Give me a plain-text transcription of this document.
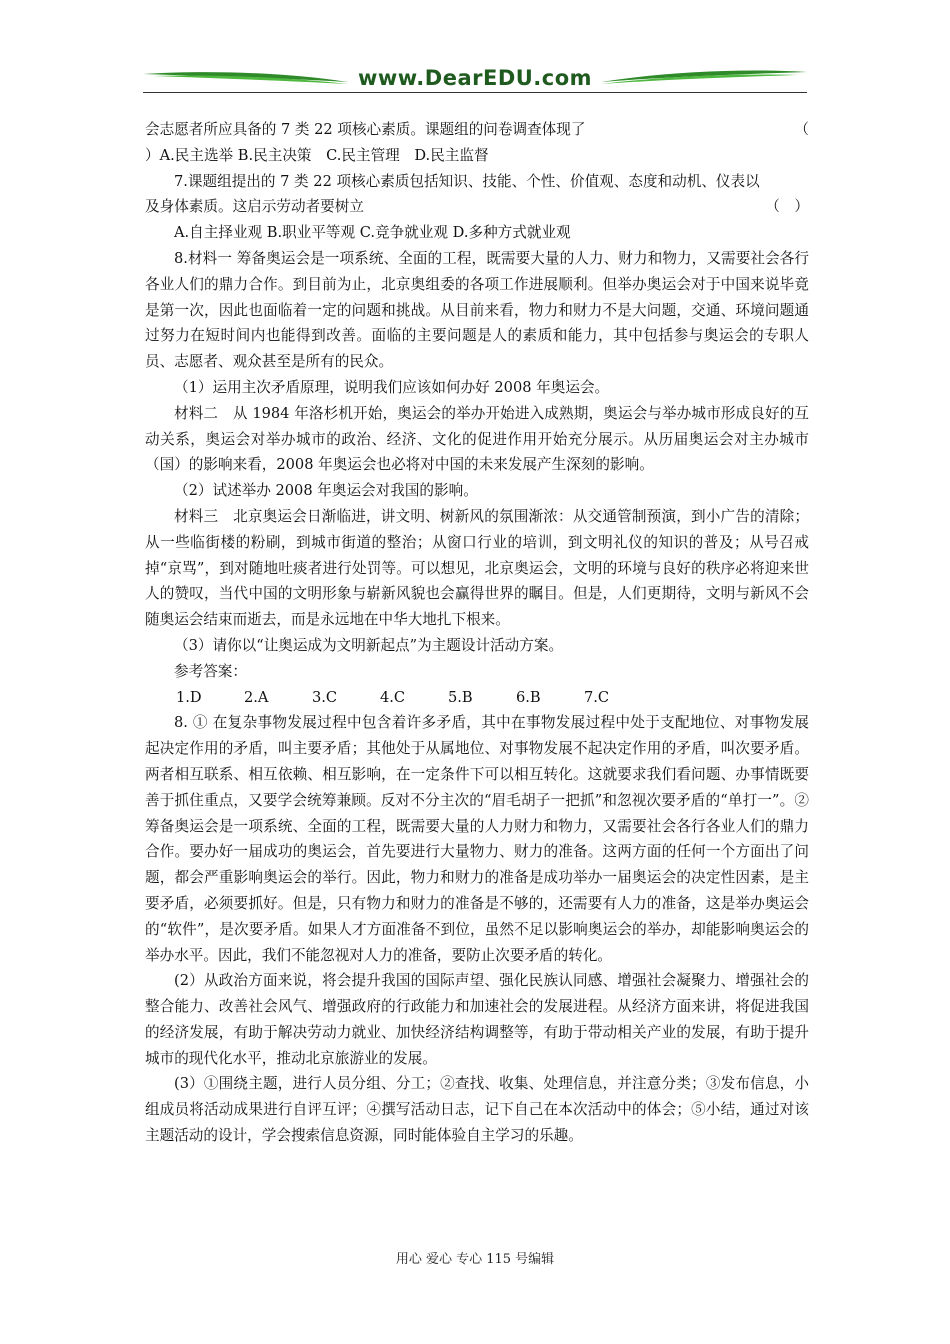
www.DearEDU.com

会志愿者所应具备的 7 类 22 项核心素质。课题组的问卷调查体现了	（

）A.民主选举 B.民主决策　C.民主管理　D.民主监督

7.课题组提出的 7 类 22 项核心素质包括知识、技能、个性、价值观、态度和动机、仪表以

及身体素质。这启示劳动者要树立	（　）

A.自主择业观 B.职业平等观 C.竞争就业观 D.多种方式就业观

8.材料一 筹备奥运会是一项系统、全面的工程，既需要大量的人力、财力和物力，又需要社会各行各业人们的鼎力合作。到目前为止，北京奥组委的各项工作进展顺利。但举办奥运会对于中国来说毕竟是第一次，因此也面临着一定的问题和挑战。从目前来看，物力和财力不是大问题，交通、环境问题通过努力在短时间内也能得到改善。面临的主要问题是人的素质和能力，其中包括参与奥运会的专职人员、志愿者、观众甚至是所有的民众。

（1）运用主次矛盾原理，说明我们应该如何办好 2008 年奥运会。

材料二　从 1984 年洛杉机开始，奥运会的举办开始进入成熟期，奥运会与举办城市形成良好的互动关系，奥运会对举办城市的政治、经济、文化的促进作用开始充分展示。从历届奥运会对主办城市（国）的影响来看，2008 年奥运会也必将对中国的未来发展产生深刻的影响。

（2）试述举办 2008 年奥运会对我国的影响。

材料三　北京奥运会日渐临进，讲文明、树新风的氛围渐浓：从交通管制预演，到小广告的清除；从一些临街楼的粉刷，到城市街道的整治；从窗口行业的培训，到文明礼仪的知识的普及；从号召戒掉“京骂”，到对随地吐痰者进行处罚等。可以想见，北京奥运会，文明的环境与良好的秩序必将迎来世人的赞叹，当代中国的文明形象与崭新风貌也会赢得世界的瞩目。但是，人们更期待，文明与新风不会随奥运会结束而逝去，而是永远地在中华大地扎下根来。

（3）请你以“让奥运成为文明新起点”为主题设计活动方案。

参考答案：

1.D	2.A	3.C	4.C	5.B	6.B	7.C

8. ① 在复杂事物发展过程中包含着许多矛盾，其中在事物发展过程中处于支配地位、对事物发展起决定作用的矛盾，叫主要矛盾；其他处于从属地位、对事物发展不起决定作用的矛盾，叫次要矛盾。两者相互联系、相互依赖、相互影响，在一定条件下可以相互转化。这就要求我们看问题、办事情既要善于抓住重点，又要学会统筹兼顾。反对不分主次的“眉毛胡子一把抓”和忽视次要矛盾的“单打一”。②筹备奥运会是一项系统、全面的工程，既需要大量的人力财力和物力，又需要社会各行各业人们的鼎力合作。要办好一届成功的奥运会，首先要进行大量物力、财力的准备。这两方面的任何一个方面出了问题，都会严重影响奥运会的举行。因此，物力和财力的准备是成功举办一届奥运会的决定性因素，是主要矛盾，必须要抓好。但是，只有物力和财力的准备是不够的，还需要有人力的准备，这是举办奥运会的“软件”，是次要矛盾。如果人才方面准备不到位，虽然不足以影响奥运会的举办，却能影响奥运会的举办水平。因此，我们不能忽视对人力的准备，要防止次要矛盾的转化。

(2）从政治方面来说，将会提升我国的国际声望、强化民族认同感、增强社会凝聚力、增强社会的整合能力、改善社会风气、增强政府的行政能力和加速社会的发展进程。从经济方面来讲，将促进我国的经济发展，有助于解决劳动力就业、加快经济结构调整等，有助于带动相关产业的发展，有助于提升城市的现代化水平，推动北京旅游业的发展。

(3）①围绕主题，进行人员分组、分工；②查找、收集、处理信息，并注意分类；③发布信息，小组成员将活动成果进行自评互评；④撰写活动日志，记下自己在本次活动中的体会；⑤小结，通过对该主题活动的设计，学会搜索信息资源，同时能体验自主学习的乐趣。

用心 爱心 专心 115 号编辑
